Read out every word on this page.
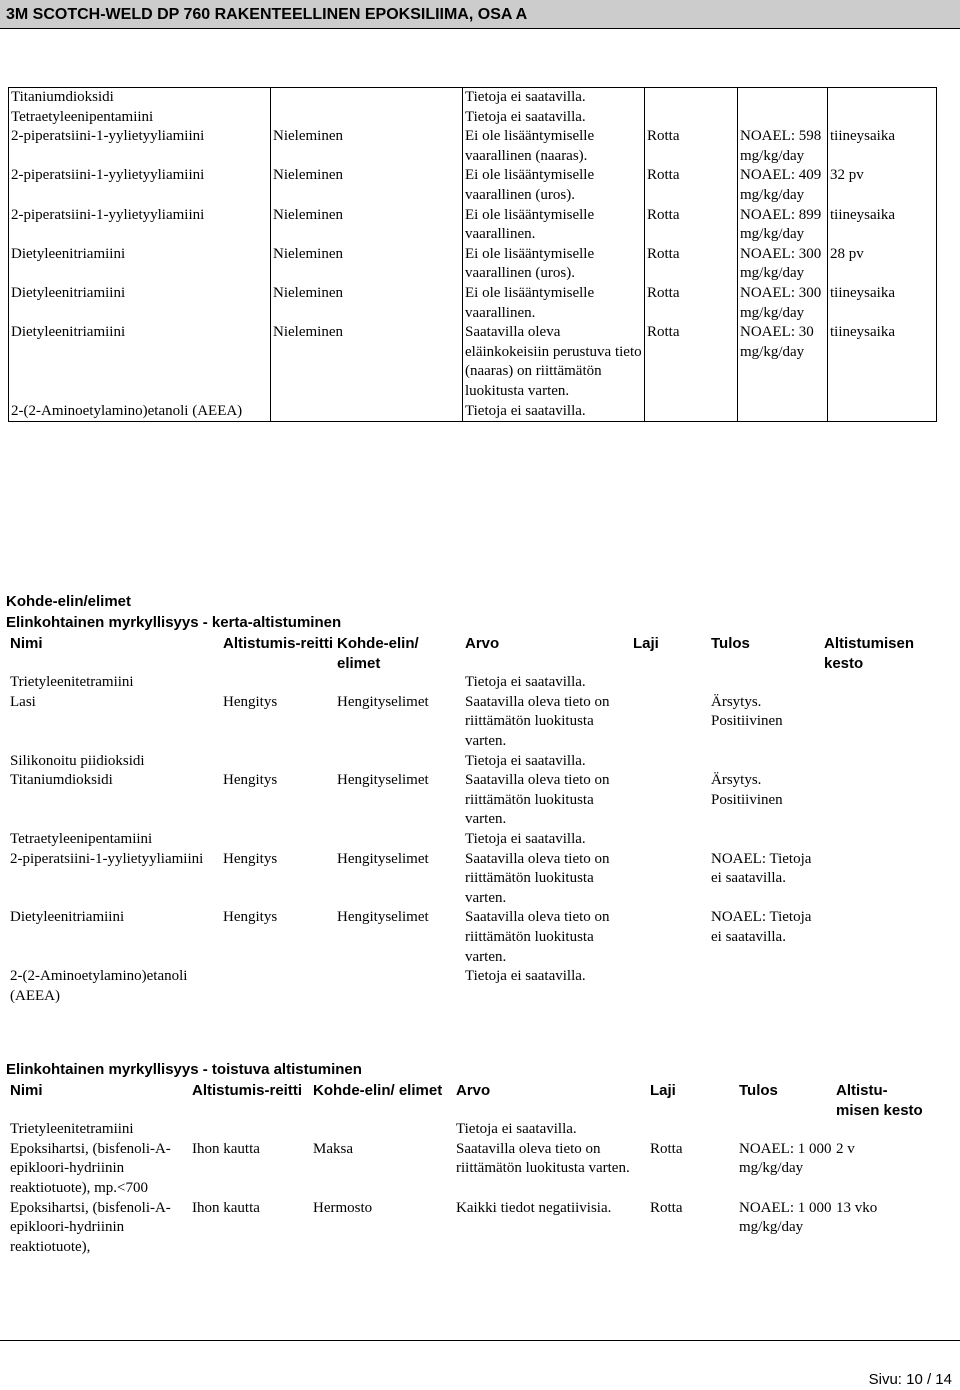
3M SCOTCH-WELD DP 760 RAKENTEELLINEN EPOKSILIIMA, OSA A
Titaniumdioksidi		Tietoja ei saatavilla.			
Tetraetyleenipentamiini		Tietoja ei saatavilla.			
2-piperatsiini-1-yylietyyliamiini	Nieleminen	Ei ole lisääntymiselle vaarallinen (naaras).	Rotta	NOAEL: 598 mg/kg/day	tiineysaika
2-piperatsiini-1-yylietyyliamiini	Nieleminen	Ei ole lisääntymiselle vaarallinen (uros).	Rotta	NOAEL: 409 mg/kg/day	32 pv
2-piperatsiini-1-yylietyyliamiini	Nieleminen	Ei ole lisääntymiselle vaarallinen.	Rotta	NOAEL: 899 mg/kg/day	tiineysaika
Dietyleenitriamiini	Nieleminen	Ei ole lisääntymiselle vaarallinen (uros).	Rotta	NOAEL: 300 mg/kg/day	28 pv
Dietyleenitriamiini	Nieleminen	Ei ole lisääntymiselle vaarallinen.	Rotta	NOAEL: 300 mg/kg/day	tiineysaika
Dietyleenitriamiini	Nieleminen	Saatavilla oleva eläinkokeisiin perustuva tieto (naaras) on riittämätön luokitusta varten.	Rotta	NOAEL: 30 mg/kg/day	tiineysaika
2-(2-Aminoetylamino)etanoli (AEEA)		Tietoja ei saatavilla.			
Kohde-elin/elimet
Elinkohtainen myrkyllisyys - kerta-altistuminen
Nimi	Altistumis-reitti	Kohde-elin/ elimet	Arvo	Laji	Tulos	Altistumisen kesto
Trietyleenitetramiini			Tietoja ei saatavilla.			
Lasi	Hengitys	Hengityselimet	Saatavilla oleva tieto on riittämätön luokitusta varten.		Ärsytys. Positiivinen	
Silikonoitu piidioksidi			Tietoja ei saatavilla.			
Titaniumdioksidi	Hengitys	Hengityselimet	Saatavilla oleva tieto on riittämätön luokitusta varten.		Ärsytys. Positiivinen	
Tetraetyleenipentamiini			Tietoja ei saatavilla.			
2-piperatsiini-1-yylietyyliamiini	Hengitys	Hengityselimet	Saatavilla oleva tieto on riittämätön luokitusta varten.		NOAEL: Tietoja ei saatavilla.	
Dietyleenitriamiini	Hengitys	Hengityselimet	Saatavilla oleva tieto on riittämätön luokitusta varten.		NOAEL: Tietoja ei saatavilla.	
2-(2-Aminoetylamino)etanoli (AEEA)			Tietoja ei saatavilla.			
Elinkohtainen myrkyllisyys - toistuva altistuminen
Nimi	Altistumis-reitti	Kohde-elin/ elimet	Arvo	Laji	Tulos	Altistu-misen kesto
Trietyleenitetramiini			Tietoja ei saatavilla.			
Epoksihartsi, (bisfenoli-A-epikloori-hydriinin reaktiotuote), mp.<700	Ihon kautta	Maksa	Saatavilla oleva tieto on riittämätön luokitusta varten.	Rotta	NOAEL: 1 000 mg/kg/day	2 v
Epoksihartsi, (bisfenoli-A-epikloori-hydriinin reaktiotuote),	Ihon kautta	Hermosto	Kaikki tiedot negatiivisia.	Rotta	NOAEL: 1 000 mg/kg/day	13 vko
Sivu: 10 / 14
